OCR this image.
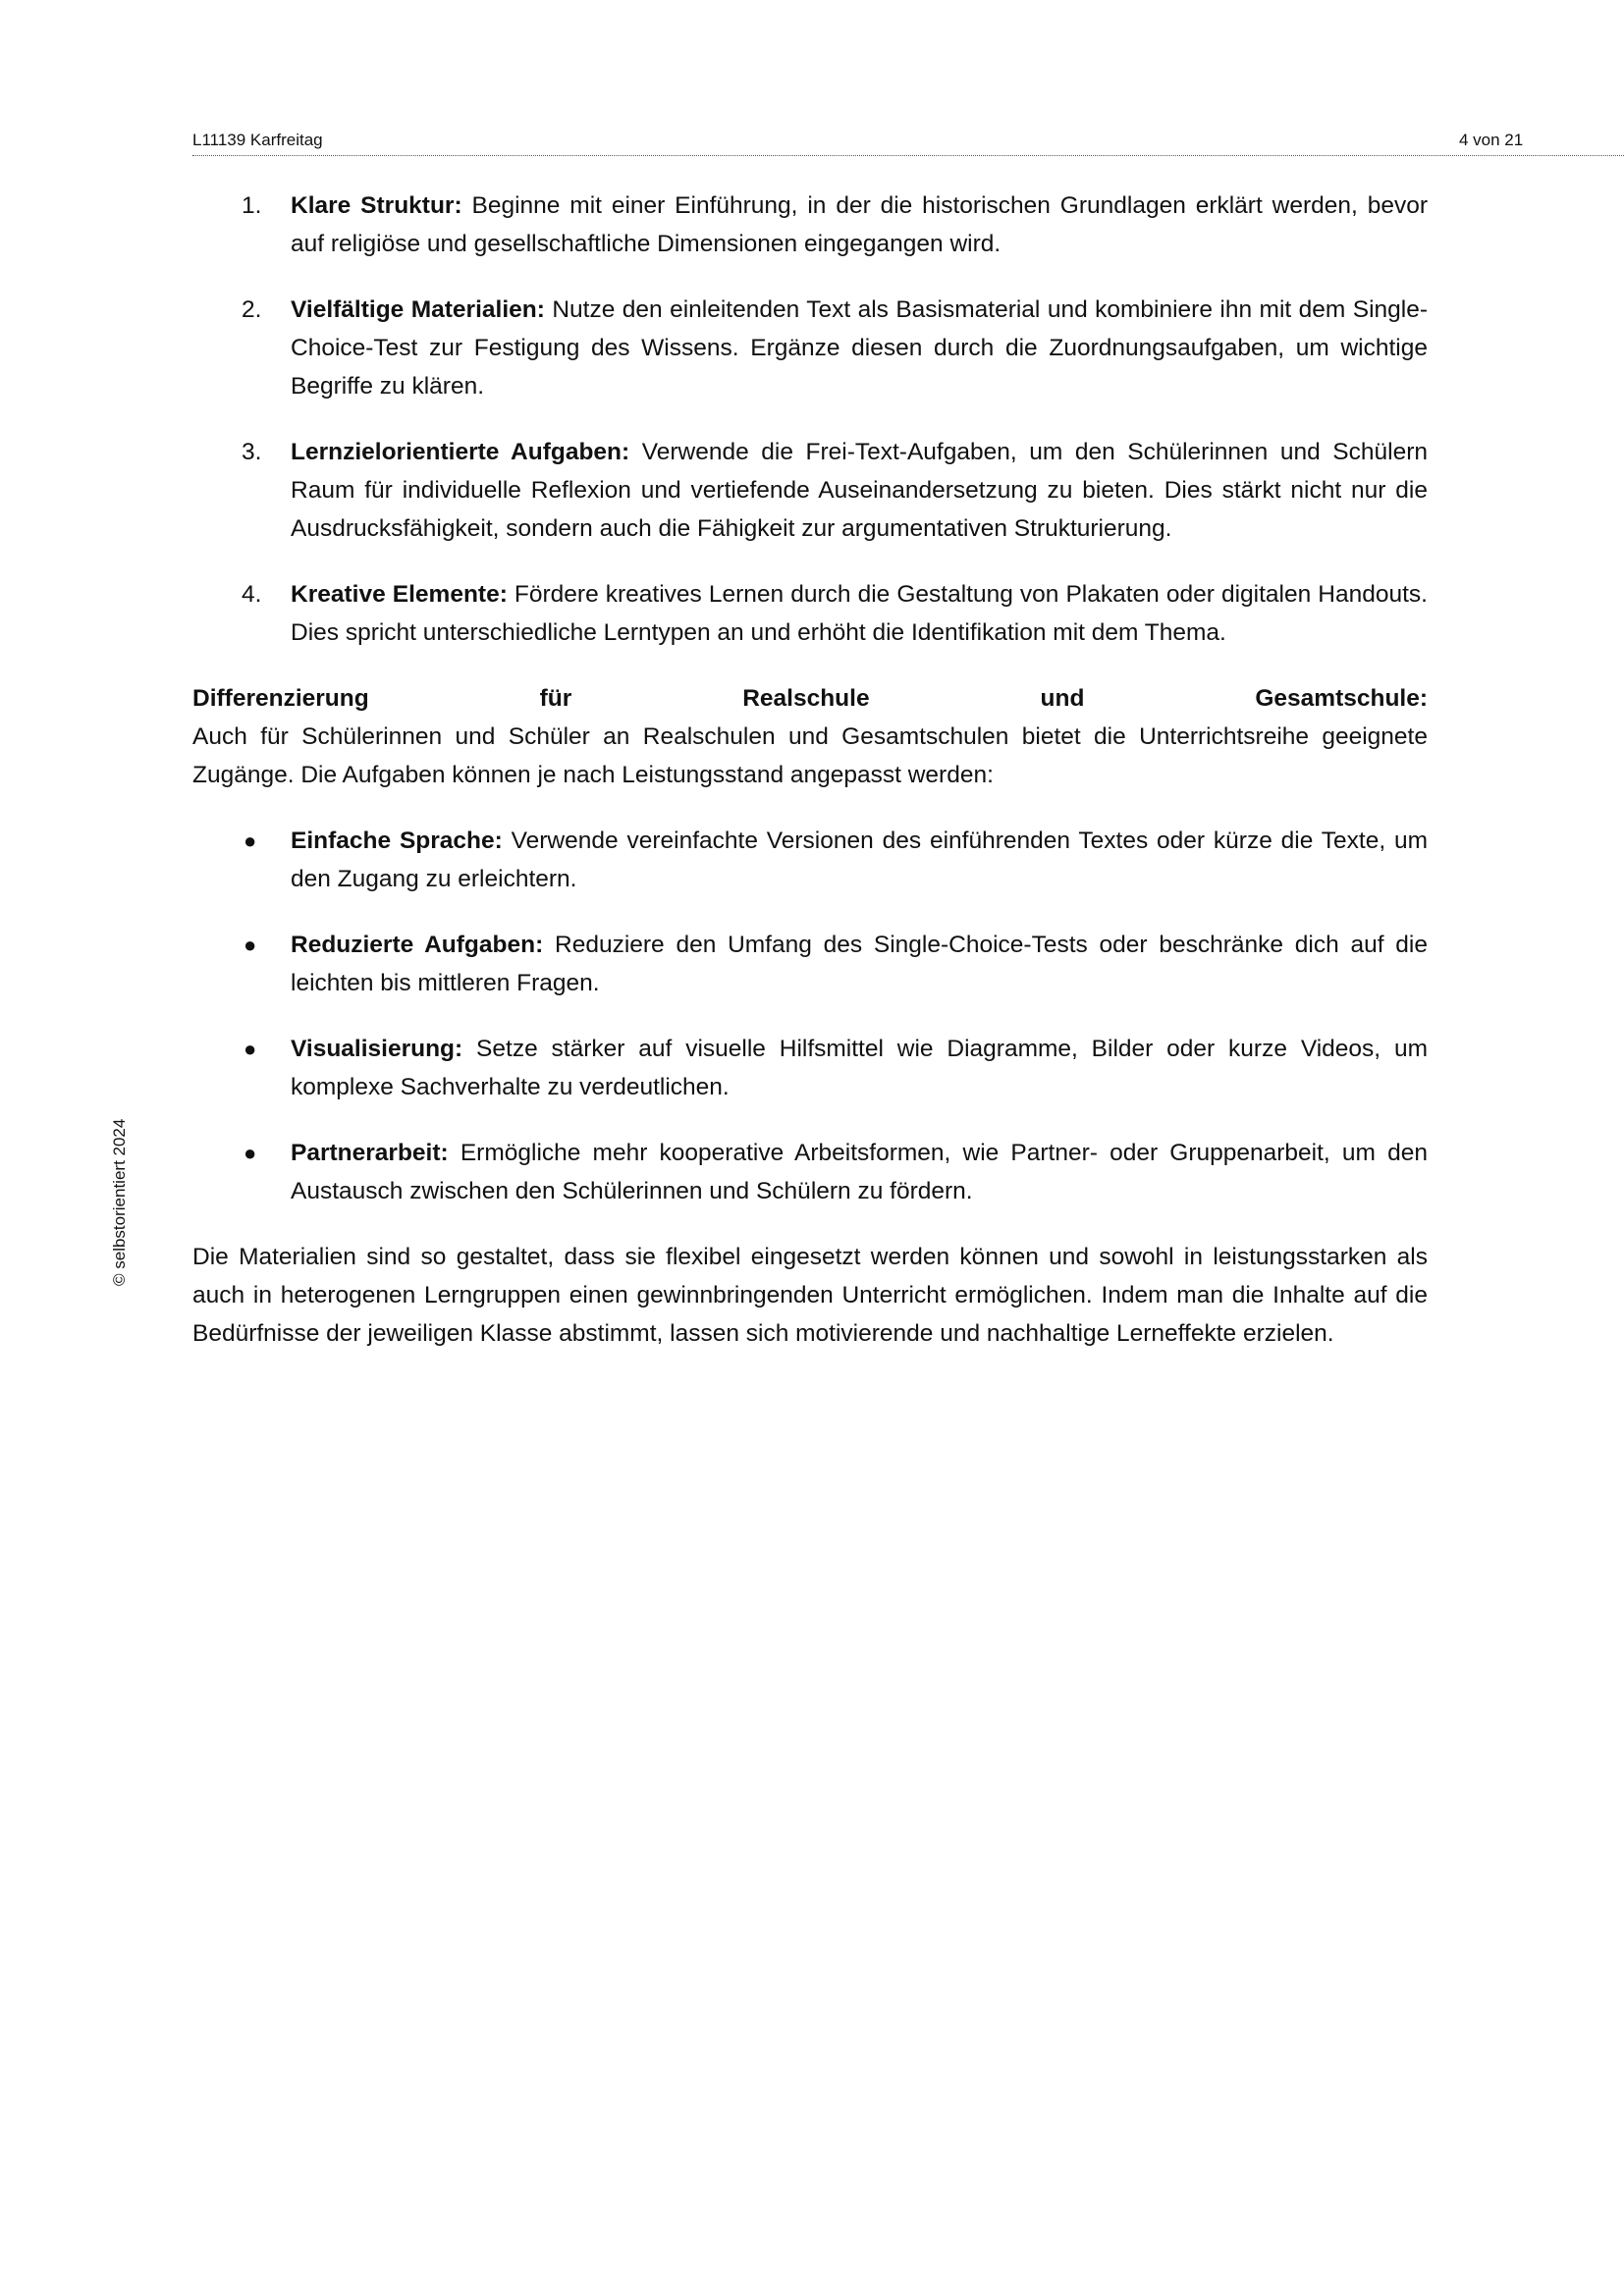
L11139 Karfreitag	4 von 21
© selbstorientiert 2024
1. Klare Struktur: Beginne mit einer Einführung, in der die historischen Grundlagen erklärt werden, bevor auf religiöse und gesellschaftliche Dimensionen eingegangen wird.
2. Vielfältige Materialien: Nutze den einleitenden Text als Basismaterial und kombiniere ihn mit dem Single-Choice-Test zur Festigung des Wissens. Ergänze diesen durch die Zuordnungsaufgaben, um wichtige Begriffe zu klären.
3. Lernzielorientierte Aufgaben: Verwende die Frei-Text-Aufgaben, um den Schülerinnen und Schülern Raum für individuelle Reflexion und vertiefende Auseinandersetzung zu bieten. Dies stärkt nicht nur die Ausdrucksfähigkeit, sondern auch die Fähigkeit zur argumentativen Strukturierung.
4. Kreative Elemente: Fördere kreatives Lernen durch die Gestaltung von Plakaten oder digitalen Handouts. Dies spricht unterschiedliche Lerntypen an und erhöht die Identifikation mit dem Thema.
Differenzierung für Realschule und Gesamtschule:
Auch für Schülerinnen und Schüler an Realschulen und Gesamtschulen bietet die Unterrichtsreihe geeignete Zugänge. Die Aufgaben können je nach Leistungsstand angepasst werden:
● Einfache Sprache: Verwende vereinfachte Versionen des einführenden Textes oder kürze die Texte, um den Zugang zu erleichtern.
● Reduzierte Aufgaben: Reduziere den Umfang des Single-Choice-Tests oder beschränke dich auf die leichten bis mittleren Fragen.
● Visualisierung: Setze stärker auf visuelle Hilfsmittel wie Diagramme, Bilder oder kurze Videos, um komplexe Sachverhalte zu verdeutlichen.
● Partnerarbeit: Ermögliche mehr kooperative Arbeitsformen, wie Partner- oder Gruppenarbeit, um den Austausch zwischen den Schülerinnen und Schülern zu fördern.
Die Materialien sind so gestaltet, dass sie flexibel eingesetzt werden können und sowohl in leistungsstarken als auch in heterogenen Lerngruppen einen gewinnbringenden Unterricht ermöglichen. Indem man die Inhalte auf die Bedürfnisse der jeweiligen Klasse abstimmt, lassen sich motivierende und nachhaltige Lerneffekte erzielen.
